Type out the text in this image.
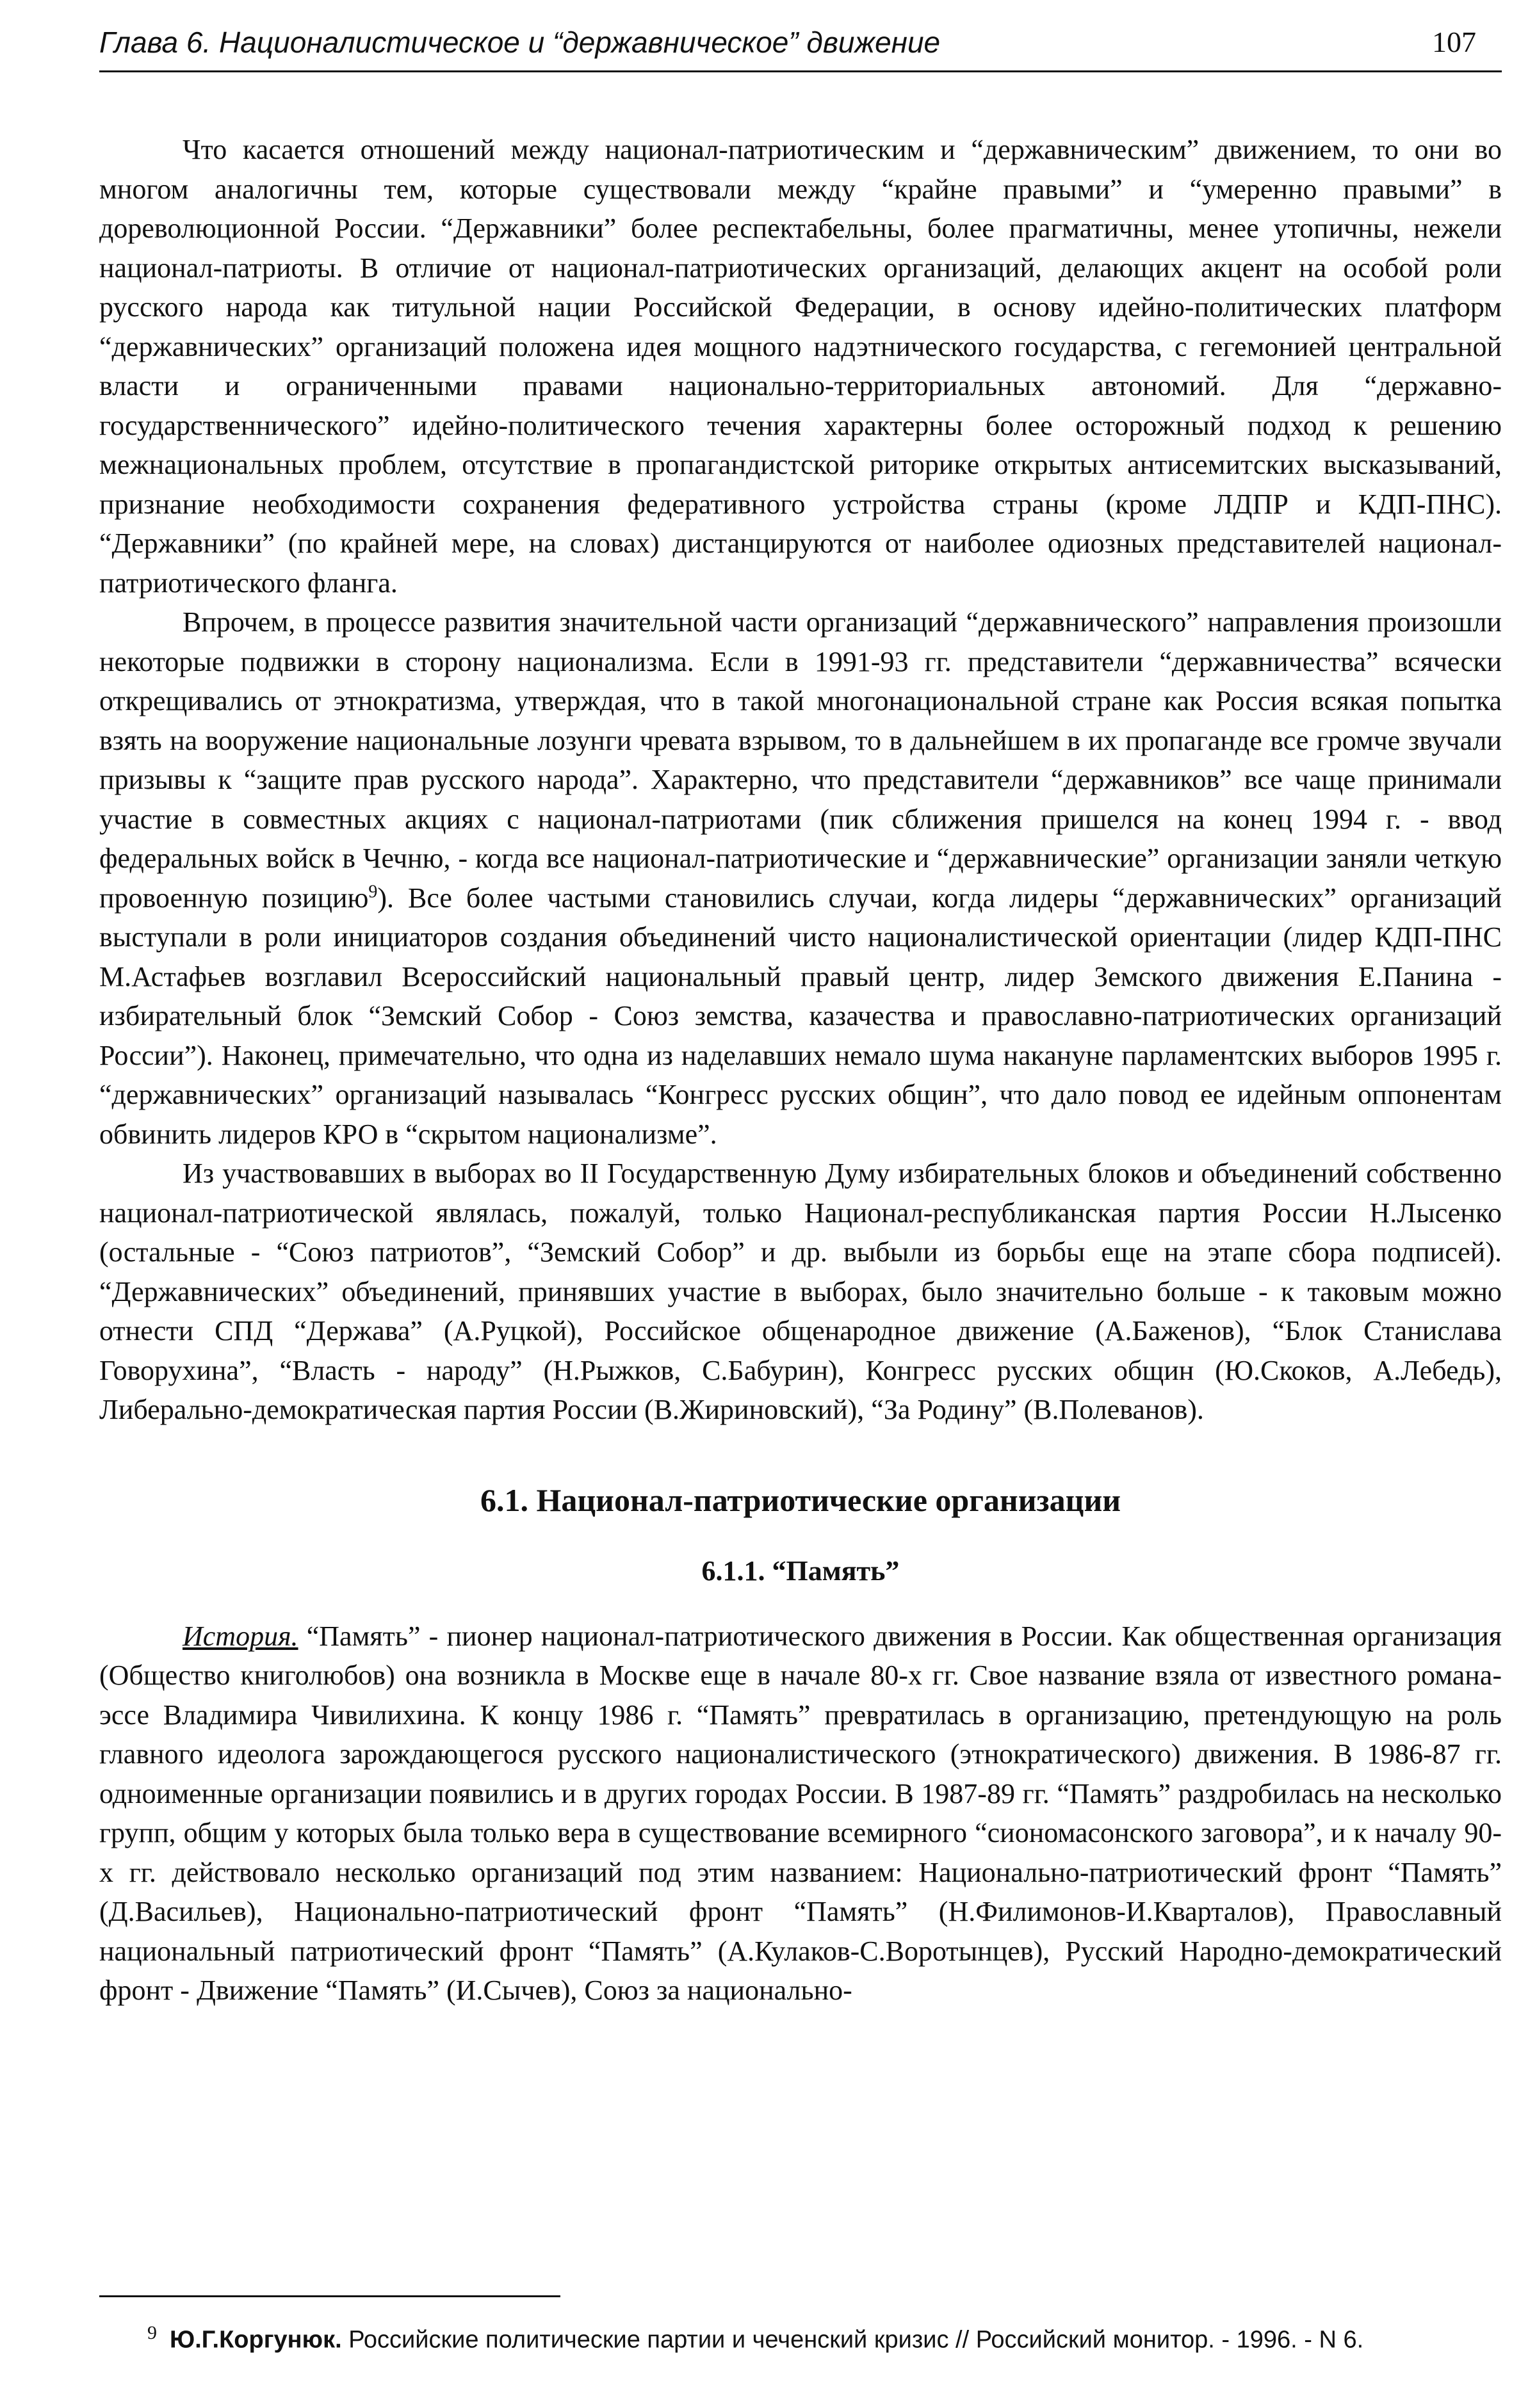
Глава 6. Националистическое и “державническое” движение	107

Что касается отношений между национал-патриотическим и “державническим” движением, то они во многом аналогичны тем, которые существовали между “крайне правыми” и “умеренно правыми” в дореволюционной России. “Державники” более респектабельны, более прагматичны, менее утопичны, нежели национал-патриоты. В отличие от национал-патриотических организаций, делающих акцент на особой роли русского народа как титульной нации Российской Федерации, в основу идейно-политических платформ “державнических” организаций положена идея мощного надэтнического государства, с гегемонией центральной власти и ограниченными правами национально-территориальных автономий. Для “державно-государственнического” идейно-политического течения характерны более осторожный подход к решению межнациональных проблем, отсутствие в пропагандистской риторике открытых антисемитских высказываний, признание необходимости сохранения федеративного устройства страны (кроме ЛДПР и КДП-ПНС). “Державники” (по крайней мере, на словах) дистанцируются от наиболее одиозных представителей национал-патриотического фланга.

Впрочем, в процессе развития значительной части организаций “державнического” направления произошли некоторые подвижки в сторону национализма. Если в 1991-93 гг. представители “державничества” всячески открещивались от этнократизма, утверждая, что в такой многонациональной стране как Россия всякая попытка взять на вооружение национальные лозунги чревата взрывом, то в дальнейшем в их пропаганде все громче звучали призывы к “защите прав русского народа”. Характерно, что представители “державников” все чаще принимали участие в совместных акциях с национал-патриотами (пик сближения пришелся на конец 1994 г. - ввод федеральных войск в Чечню, - когда все национал-патриотические и “державнические” организации заняли четкую провоенную позицию$^9$). Все более частыми становились случаи, когда лидеры “державнических” организаций выступали в роли инициаторов создания объединений чисто националистической ориентации (лидер КДП-ПНС М.Астафьев возглавил Всероссийский национальный правый центр, лидер Земского движения Е.Панина - избирательный блок “Земский Собор - Союз земства, казачества и православно-патриотических организаций России”). Наконец, примечательно, что одна из наделавших немало шума накануне парламентских выборов 1995 г. “державнических” организаций называлась “Конгресс русских общин”, что дало повод ее идейным оппонентам обвинить лидеров КРО в “скрытом национализме”.

Из участвовавших в выборах во II Государственную Думу избирательных блоков и объединений собственно национал-патриотической являлась, пожалуй, только Национал-республиканская партия России Н.Лысенко (остальные - “Союз патриотов”, “Земский Собор” и др. выбыли из борьбы еще на этапе сбора подписей). “Державнических” объединений, принявших участие в выборах, было значительно больше - к таковым можно отнести СПД “Держава” (А.Руцкой), Российское общенародное движение (А.Баженов), “Блок Станислава Говорухина”, “Власть - народу” (Н.Рыжков, С.Бабурин), Конгресс русских общин (Ю.Скоков, А.Лебедь), Либерально-демократическая партия России (В.Жириновский), “За Родину” (В.Полеванов).

6.1. Национал-патриотические организации
6.1.1. “Память”

История. “Память” - пионер национал-патриотического движения в России. Как общественная организация (Общество книголюбов) она возникла в Москве еще в начале 80-х гг. Свое название взяла от известного романа-эссе Владимира Чивилихина. К концу 1986 г. “Память” превратилась в организацию, претендующую на роль главного идеолога зарождающегося русского националистического (этнократического) движения. В 1986-87 гг. одноименные организации появились и в других городах России. В 1987-89 гг. “Память” раздробилась на несколько групп, общим у которых была только вера в существование всемирного “сиономасонского заговора”, и к началу 90-х гг. действовало несколько организаций под этим названием: Национально-патриотический фронт “Память” (Д.Васильев), Национально-патриотический фронт “Память” (Н.Филимонов-И.Кварталов), Православный национальный патриотический фронт “Память” (А.Кулаков-С.Воротынцев), Русский Народно-демократический фронт - Движение “Память” (И.Сычев), Союз за национально-

9 Ю.Г.Коргунюк. Российские политические партии и чеченский кризис // Российский монитор. - 1996. - N 6.
